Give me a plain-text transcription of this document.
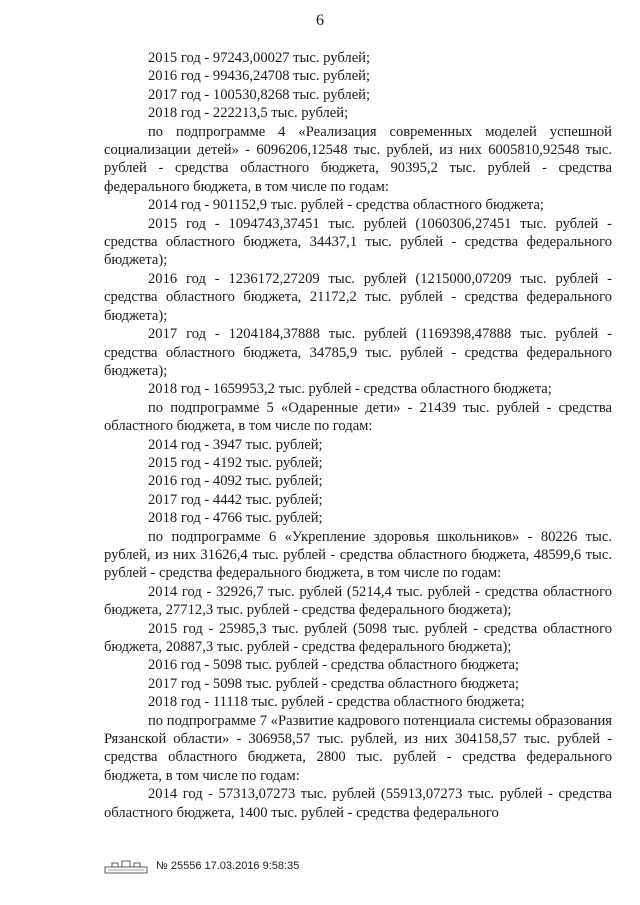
6

2015 год - 97243,00027 тыс. рублей;

2016 год - 99436,24708 тыс. рублей;

2017 год - 100530,8268 тыс. рублей;

2018 год - 222213,5 тыс. рублей;

по подпрограмме 4 «Реализация современных моделей успешной социализации детей» - 6096206,12548 тыс. рублей, из них 6005810,92548 тыс. рублей - средства областного бюджета, 90395,2 тыс. рублей - средства федерального бюджета, в том числе по годам:

2014 год - 901152,9 тыс. рублей - средства областного бюджета;

2015 год - 1094743,37451 тыс. рублей (1060306,27451 тыс. рублей - средства областного бюджета, 34437,1 тыс. рублей - средства федерального бюджета);

2016 год - 1236172,27209 тыс. рублей (1215000,07209 тыс. рублей - средства областного бюджета, 21172,2 тыс. рублей - средства федерального бюджета);

2017 год - 1204184,37888 тыс. рублей (1169398,47888 тыс. рублей - средства областного бюджета, 34785,9 тыс. рублей - средства федерального бюджета);

2018 год - 1659953,2 тыс. рублей - средства областного бюджета;

по подпрограмме 5 «Одаренные дети» - 21439 тыс. рублей - средства областного бюджета, в том числе по годам:

2014 год - 3947 тыс. рублей;

2015 год - 4192 тыс. рублей;

2016 год - 4092 тыс. рублей;

2017 год - 4442 тыс. рублей;

2018 год - 4766 тыс. рублей;

по подпрограмме 6 «Укрепление здоровья школьников» - 80226 тыс. рублей, из них 31626,4 тыс. рублей - средства областного бюджета, 48599,6 тыс. рублей - средства федерального бюджета, в том числе по годам:

2014 год - 32926,7 тыс. рублей (5214,4 тыс. рублей - средства областного бюджета, 27712,3 тыс. рублей - средства федерального бюджета);

2015 год - 25985,3 тыс. рублей (5098 тыс. рублей - средства областного бюджета, 20887,3 тыс. рублей - средства федерального бюджета);

2016 год - 5098 тыс. рублей - средства областного бюджета;

2017 год - 5098 тыс. рублей - средства областного бюджета;

2018 год - 11118 тыс. рублей - средства областного бюджета;

по подпрограмме 7 «Развитие кадрового потенциала системы образования Рязанской области» - 306958,57 тыс. рублей, из них 304158,57 тыс. рублей - средства областного бюджета, 2800 тыс. рублей - средства федерального бюджета, в том числе по годам:

2014 год - 57313,07273 тыс. рублей (55913,07273 тыс. рублей - средства областного бюджета, 1400 тыс. рублей - средства федерального

№ 25556 17.03.2016 9:58:35
